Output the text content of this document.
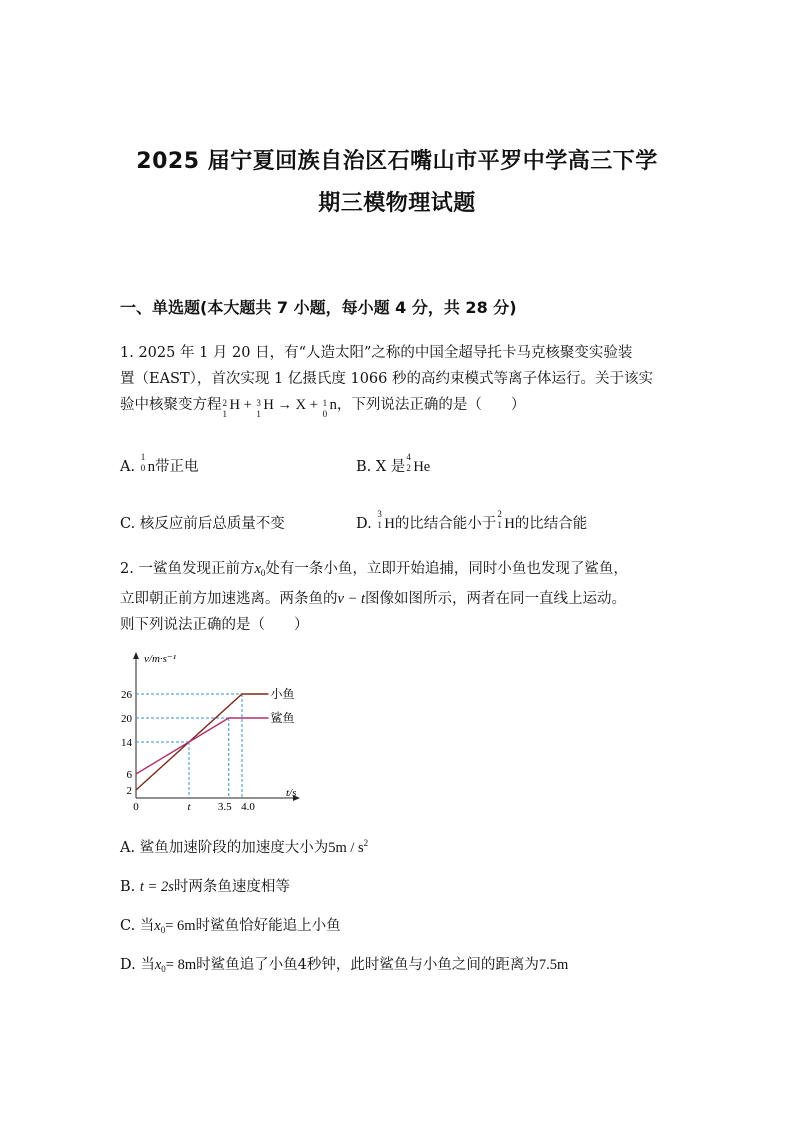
2025 届宁夏回族自治区石嘴山市平罗中学高三下学
期三模物理试题
一、单选题(本大题共 7 小题，每小题 4 分，共 28 分)
1. 2025 年 1 月 20 日，有“人造太阳”之称的中国全超导托卡马克核聚变实验装
置（EAST），首次实现 1 亿摄氏度 1066 秒的高约束模式等离子体运行。关于该实
验中核聚变方程 2
1
H + 3
1
H → X + 1
0
n，下列说法正确的是（　　）
A.
1
0 n带正电	B. X 是
4
2 He
C. 核反应前后总质量不变	D.
3
1 H的比结合能小于
2
1 H的比结合能
2. 一鲨鱼发现正前方$x_0$处有一条小鱼，立即开始追捕，同时小鱼也发现了鲨鱼，
立即朝正前方加速逃离。两条鱼的v − t图像如图所示，两者在同一直线上运动。
则下列说法正确的是（　　）
v/m·s⁻¹
t/s
26
20
14
6
2
0	t 3.5 4.0
小鱼
鲨鱼
A. 鲨鱼加速阶段的加速度大小为$5m / s^2$
B. t = 2s时两条鱼速度相等
C. 当$x_0= 6m$时鲨鱼恰好能追上小鱼
D. 当$x_0= 8m$时鲨鱼追了小鱼4秒钟，此时鲨鱼与小鱼之间的距离为7.5m
